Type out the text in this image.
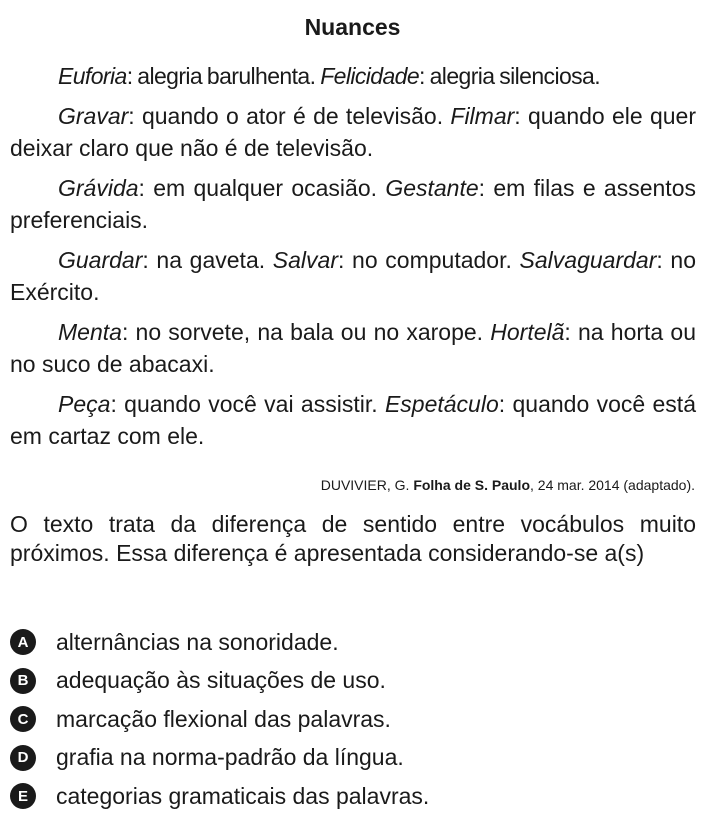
Nuances

Euforia: alegria barulhenta. Felicidade: alegria silenciosa.

Gravar: quando o ator é de televisão. Filmar: quando ele quer deixar claro que não é de televisão.

Grávida: em qualquer ocasião. Gestante: em filas e assentos preferenciais.

Guardar: na gaveta. Salvar: no computador. Salvaguardar: no Exército.

Menta: no sorvete, na bala ou no xarope. Hortelã: na horta ou no suco de abacaxi.

Peça: quando você vai assistir. Espetáculo: quando você está em cartaz com ele.

DUVIVIER, G. Folha de S. Paulo, 24 mar. 2014 (adaptado).
O texto trata da diferença de sentido entre vocábulos muito próximos. Essa diferença é apresentada considerando-se a(s)
A	alternâncias na sonoridade.
B	adequação às situações de uso.
C	marcação flexional das palavras.
D	grafia na norma-padrão da língua.
E	categorias gramaticais das palavras.
